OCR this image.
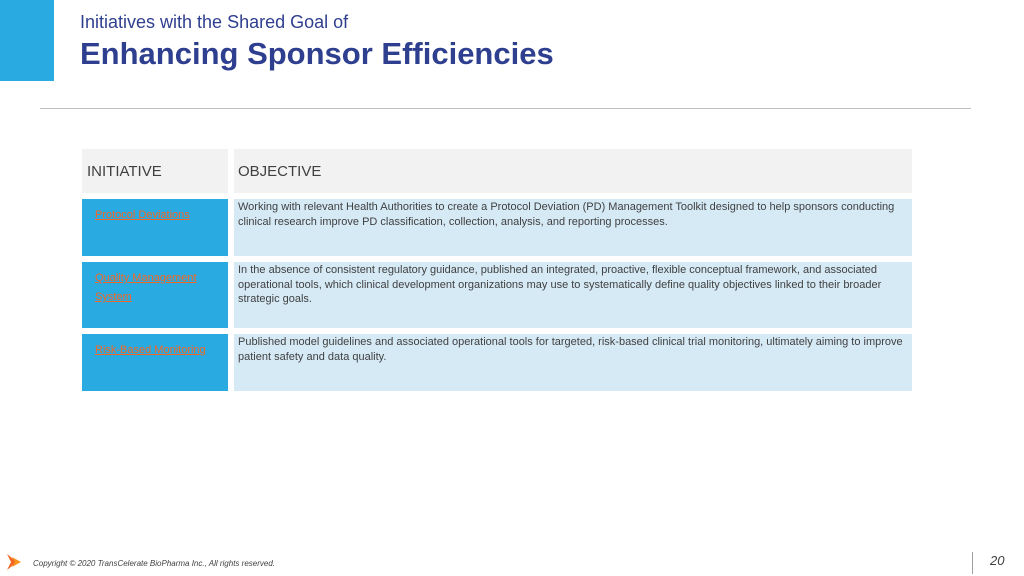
Initiatives with the Shared Goal of
Enhancing Sponsor Efficiencies
INITIATIVE	OBJECTIVE
Protocol Deviations
Working with relevant Health Authorities to create a Protocol Deviation (PD) Management Toolkit designed to help sponsors conducting clinical research improve PD classification, collection, analysis, and reporting processes.
Quality Management System
In the absence of consistent regulatory guidance, published an integrated, proactive, flexible conceptual framework, and associated operational tools, which clinical development organizations may use to systematically define quality objectives linked to their broader strategic goals.
Risk-Based Monitoring
Published model guidelines and associated operational tools for targeted, risk-based clinical trial monitoring, ultimately aiming to improve patient safety and data quality.
Copyright © 2020 TransCelerate BioPharma Inc., All rights reserved.	20
